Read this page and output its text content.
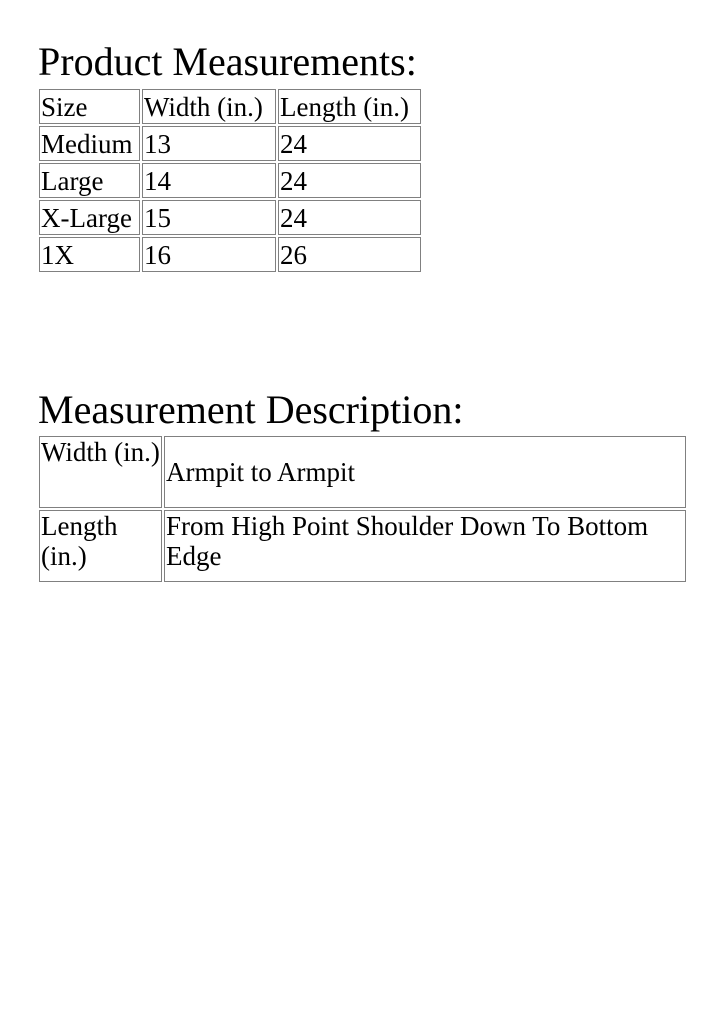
Product Measurements:
Size	Width (in.)	Length (in.)
Medium	13	24
Large	14	24
X-Large	15	24
1X	16	26
Measurement Description:
Width (in.)	Armpit to Armpit
Length (in.)	From High Point Shoulder Down To Bottom Edge
